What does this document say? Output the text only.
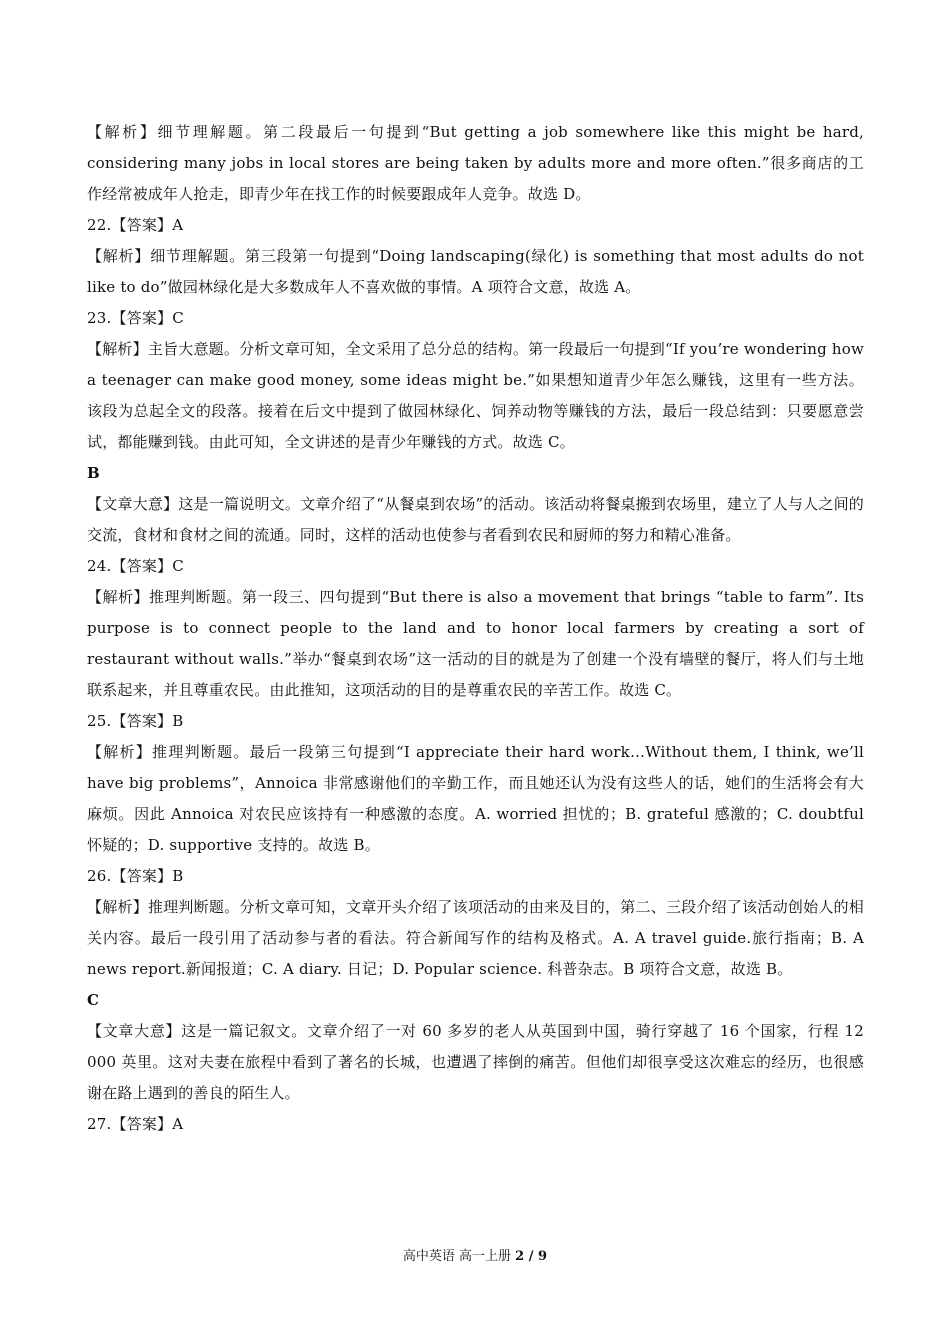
【解析】细节理解题。第二段最后一句提到“But getting a job somewhere like this might be hard, considering many jobs in local stores are being taken by adults more and more often.”很多商店的工作经常被成年人抢走，即青少年在找工作的时候要跟成年人竞争。故选 D。

22.【答案】A

【解析】细节理解题。第三段第一句提到“Doing landscaping(绿化) is something that most adults do not like to do”做园林绿化是大多数成年人不喜欢做的事情。A 项符合文意，故选 A。

23.【答案】C

【解析】主旨大意题。分析文章可知，全文采用了总分总的结构。第一段最后一句提到“If you’re wondering how a teenager can make good money, some ideas might be.”如果想知道青少年怎么赚钱，这里有一些方法。该段为总起全文的段落。接着在后文中提到了做园林绿化、饲养动物等赚钱的方法，最后一段总结到：只要愿意尝试，都能赚到钱。由此可知，全文讲述的是青少年赚钱的方式。故选 C。

B

【文章大意】这是一篇说明文。文章介绍了“从餐桌到农场”的活动。该活动将餐桌搬到农场里，建立了人与人之间的交流，食材和食材之间的流通。同时，这样的活动也使参与者看到农民和厨师的努力和精心准备。

24.【答案】C

【解析】推理判断题。第一段三、四句提到“But there is also a movement that brings “table to farm”. Its purpose is to connect people to the land and to honor local farmers by creating a sort of restaurant without walls.”举办“餐桌到农场”这一活动的目的就是为了创建一个没有墙壁的餐厅，将人们与土地联系起来，并且尊重农民。由此推知，这项活动的目的是尊重农民的辛苦工作。故选 C。

25.【答案】B

【解析】推理判断题。最后一段第三句提到“I appreciate their hard work…Without them, I think, we’ll have big problems”，Annoica 非常感谢他们的辛勤工作，而且她还认为没有这些人的话，她们的生活将会有大麻烦。因此 Annoica 对农民应该持有一种感激的态度。A. worried 担忧的；B. grateful 感激的；C. doubtful 怀疑的；D. supportive 支持的。故选 B。

26.【答案】B

【解析】推理判断题。分析文章可知，文章开头介绍了该项活动的由来及目的，第二、三段介绍了该活动创始人的相关内容。最后一段引用了活动参与者的看法。符合新闻写作的结构及格式。A. A travel guide.旅行指南；B. A news report.新闻报道；C. A diary. 日记；D. Popular science. 科普杂志。B 项符合文意，故选 B。

C

【文章大意】这是一篇记叙文。文章介绍了一对 60 多岁的老人从英国到中国，骑行穿越了 16 个国家，行程 12 000 英里。这对夫妻在旅程中看到了著名的长城，也遭遇了摔倒的痛苦。但他们却很享受这次难忘的经历，也很感谢在路上遇到的善良的陌生人。

27.【答案】A

高中英语 高一上册 2 / 9
